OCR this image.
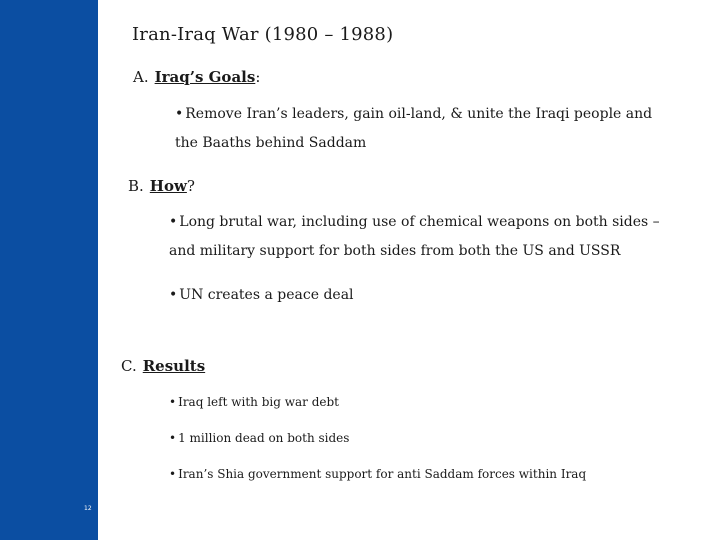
12
Iran-Iraq War (1980 – 1988)
A. Iraq’s Goals:
• Remove Iran’s leaders, gain oil-land, & unite the Iraqi people and the Baaths behind Saddam
B. How?
• Long brutal war, including use of chemical weapons on both sides – and military support for both sides from both the US and USSR
• UN creates a peace deal
C. Results
• Iraq left with big war debt
• 1 million dead on both sides
• Iran’s Shia government support for anti Saddam forces within Iraq
